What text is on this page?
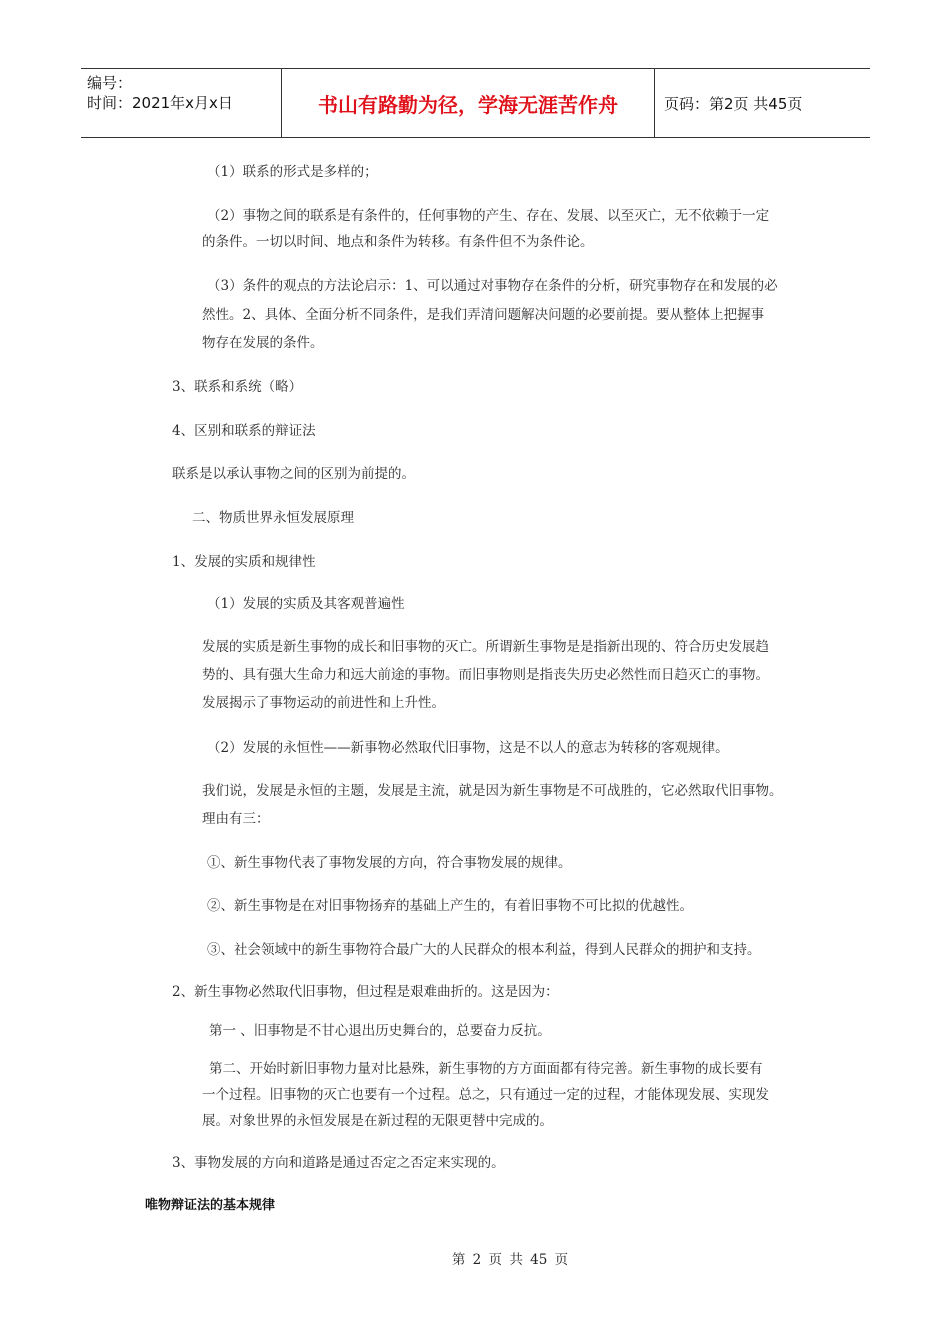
编号：
时间：2021年x月x日	书山有路勤为径，学海无涯苦作舟	页码：第2页 共45页
（1）联系的形式是多样的；
（2）事物之间的联系是有条件的，任何事物的产生、存在、发展、以至灭亡，无不依赖于一定
的条件。一切以时间、地点和条件为转移。有条件但不为条件论。
（3）条件的观点的方法论启示：1、可以通过对事物存在条件的分析，研究事物存在和发展的必
然性。2、具体、全面分析不同条件，是我们弄清问题解决问题的必要前提。要从整体上把握事
物存在发展的条件。
3、联系和系统（略）
4、区别和联系的辩证法
联系是以承认事物之间的区别为前提的。
二、物质世界永恒发展原理
1、发展的实质和规律性
（1）发展的实质及其客观普遍性
发展的实质是新生事物的成长和旧事物的灭亡。所谓新生事物是是指新出现的、符合历史发展趋
势的、具有强大生命力和远大前途的事物。而旧事物则是指丧失历史必然性而日趋灭亡的事物。
发展揭示了事物运动的前进性和上升性。
（2）发展的永恒性——新事物必然取代旧事物，这是不以人的意志为转移的客观规律。
我们说，发展是永恒的主题，发展是主流，就是因为新生事物是不可战胜的，它必然取代旧事物。
理由有三：
①、新生事物代表了事物发展的方向，符合事物发展的规律。
②、新生事物是在对旧事物扬弃的基础上产生的，有着旧事物不可比拟的优越性。
③、社会领域中的新生事物符合最广大的人民群众的根本利益，得到人民群众的拥护和支持。
2、新生事物必然取代旧事物，但过程是艰难曲折的。这是因为：
第一 、旧事物是不甘心退出历史舞台的，总要奋力反抗。
第二、开始时新旧事物力量对比悬殊，新生事物的方方面面都有待完善。新生事物的成长要有
一个过程。旧事物的灭亡也要有一个过程。总之，只有通过一定的过程，才能体现发展、实现发
展。对象世界的永恒发展是在新过程的无限更替中完成的。
3、事物发展的方向和道路是通过否定之否定来实现的。
唯物辩证法的基本规律
第 2 页 共 45 页
